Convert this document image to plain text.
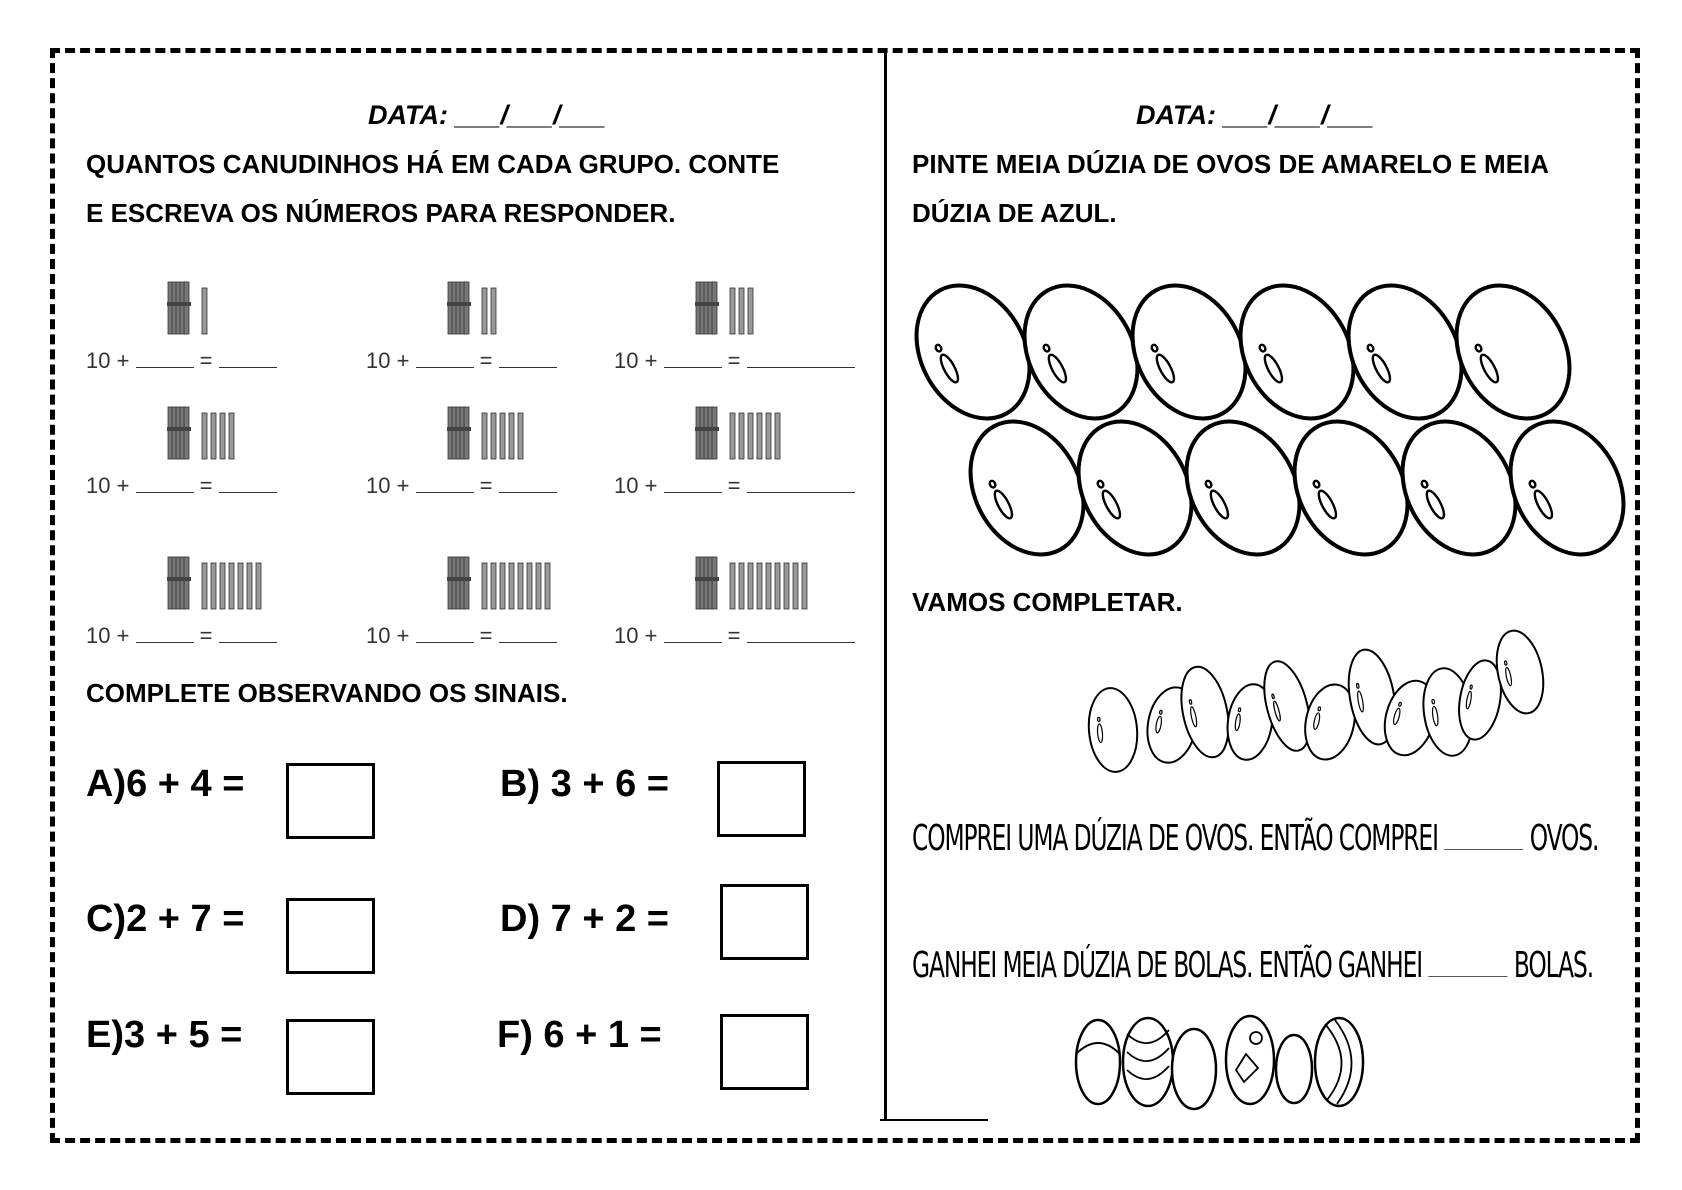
DATA: ___/___/___
QUANTOS CANUDINHOS HÁ EM CADA GRUPO. CONTE
E ESCREVA OS NÚMEROS PARA RESPONDER.
10 +	=	10 +	=	10 +	=
10 +	=	10 +	=	10 +	=
10 +	=	10 +	=	10 +	=
COMPLETE OBSERVANDO OS SINAIS.
A)6 + 4 =	B) 3 + 6 =
C)2 + 7 =	D) 7 + 2 =
E)3 + 5 =	F) 6 + 1 =
DATA: ___/___/___
PINTE MEIA DÚZIA DE OVOS DE AMARELO E MEIA
DÚZIA DE AZUL.
VAMOS COMPLETAR.
COMPREI UMA DÚZIA DE OVOS. ENTÃO COMPREI	OVOS.
GANHEI MEIA DÚZIA DE BOLAS. ENTÃO GANHEI	BOLAS.
